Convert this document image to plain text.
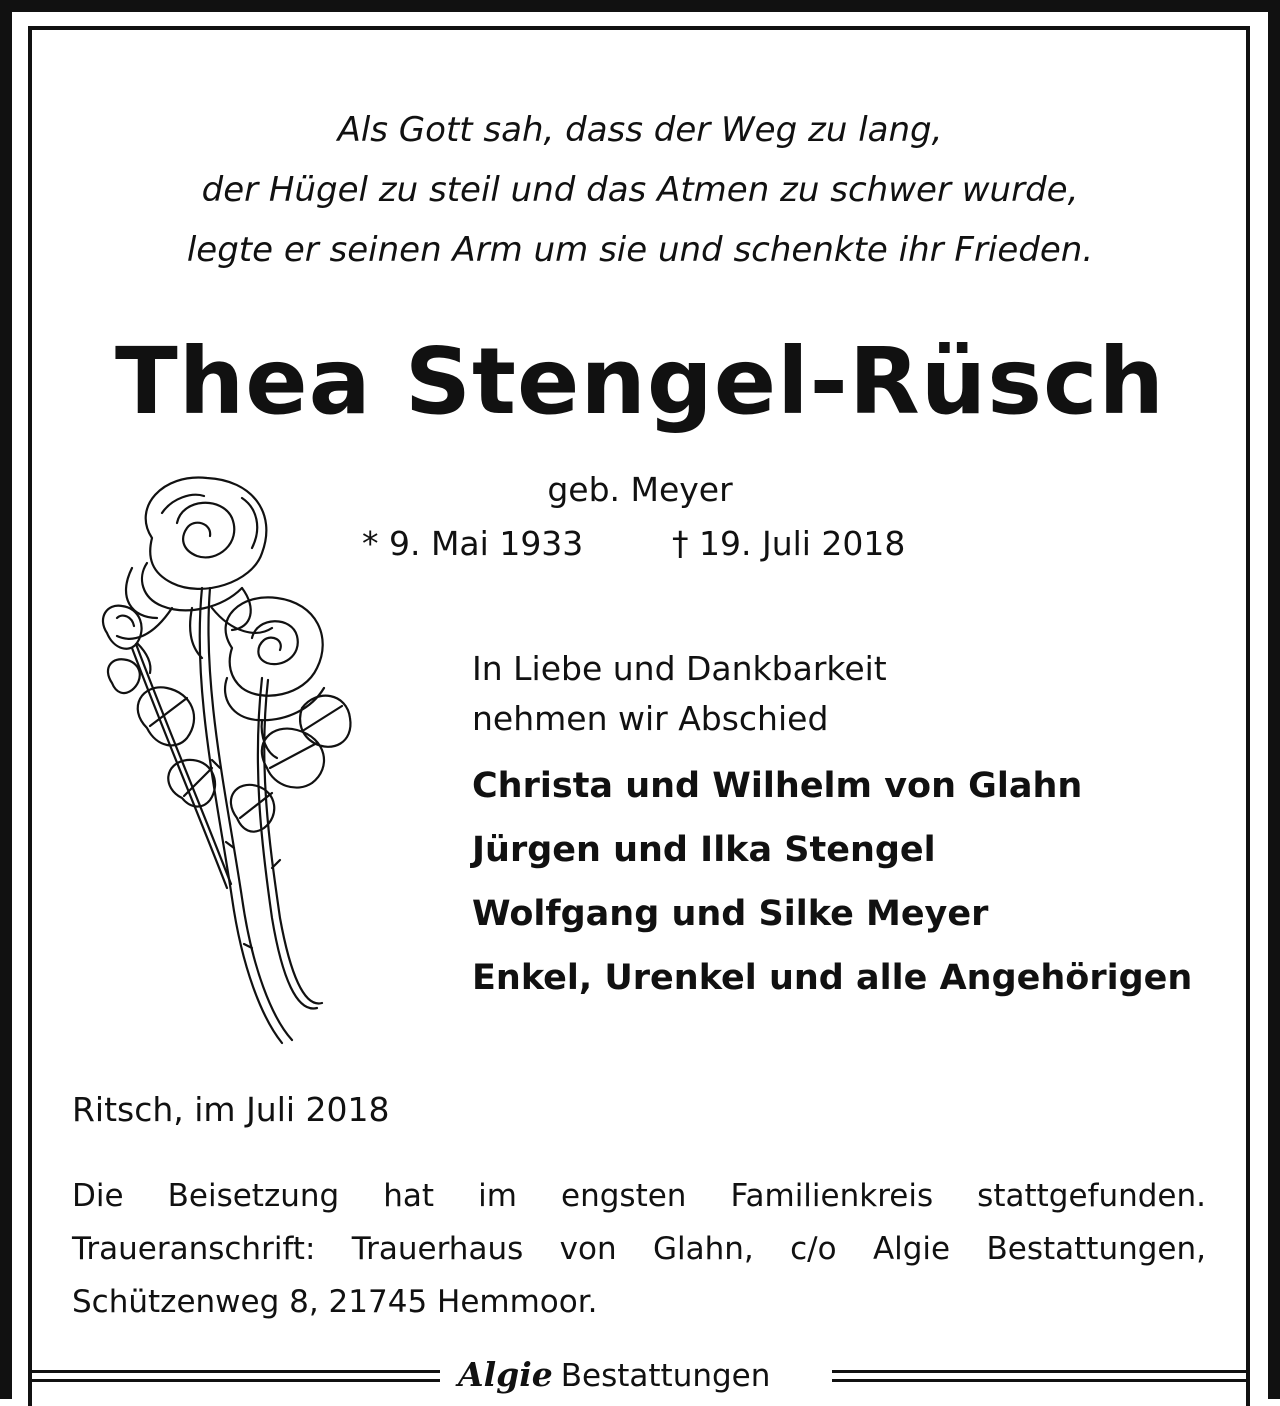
Als Gott sah, dass der Weg zu lang,
der Hügel zu steil und das Atmen zu schwer wurde,
legte er seinen Arm um sie und schenkte ihr Frieden.
Thea Stengel-Rüsch
geb. Meyer
* 9. Mai 1933	† 19. Juli 2018
In Liebe und Dankbarkeit
nehmen wir Abschied
Christa und Wilhelm von Glahn
Jürgen und Ilka Stengel
Wolfgang und Silke Meyer
Enkel, Urenkel und alle Angehörigen
Ritsch, im Juli 2018
Die Beisetzung hat im engsten Familienkreis stattgefunden.
Traueranschrift: Trauerhaus von Glahn, c/o Algie Bestattungen,
Schützenweg 8, 21745 Hemmoor.
Algie Bestattungen
